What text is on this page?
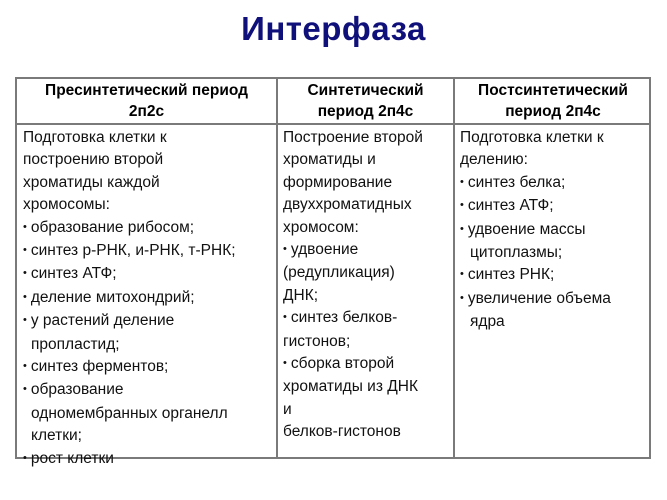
Интерфаза
Пресинтетический период
2п2с
Синтетический
период 2п4с
Постсинтетический
период 2п4с
Подготовка клетки к
построению второй
хроматиды каждой
хромосомы:
• образование рибосом;
• синтез р-РНК, и-РНК, т-РНК;
• синтез АТФ;
• деление митохондрий;
• у растений деление
пропластид;
• синтез ферментов;
• образование
одномембранных органелл
клетки;
• рост клетки
Построение второй
хроматиды и
формирование
двуххроматидных
хромосом:
• удвоение
(редупликация)
ДНК;
• синтез белков-
гистонов;
• сборка второй
хроматиды из ДНК
и
белков-гистонов
Подготовка клетки к
делению:
• синтез белка;
• синтез АТФ;
• удвоение массы
цитоплазмы;
• синтез РНК;
• увеличение объема
ядра
